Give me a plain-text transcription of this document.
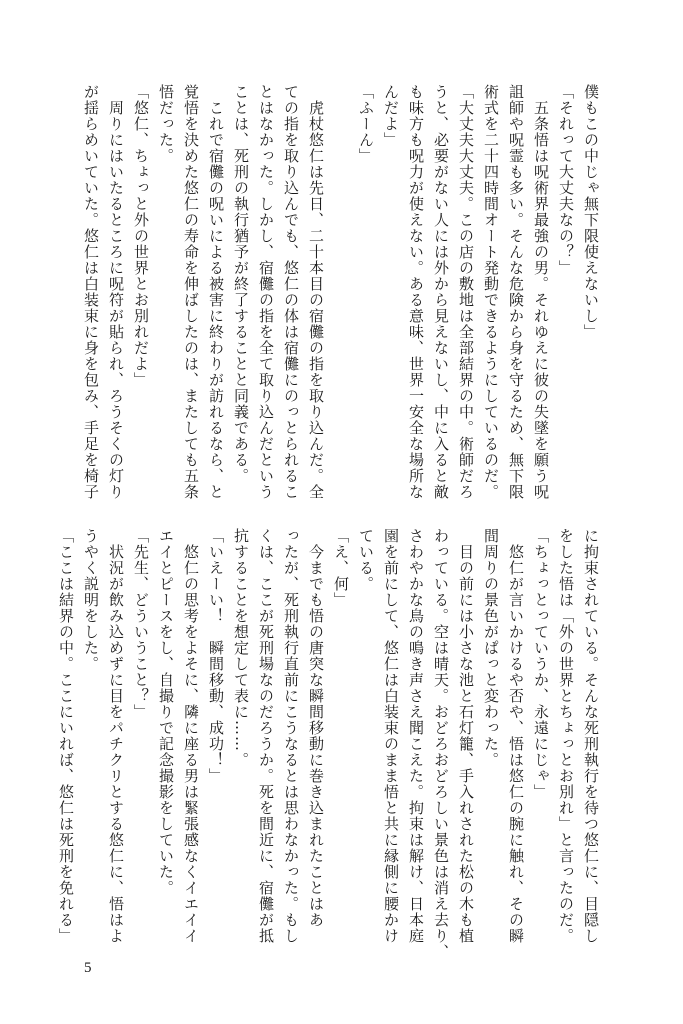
僕もこの中じゃ無下限使えないし」

「それって大丈夫なの？」

　五条悟は呪術界最強の男。それゆえに彼の失墜を願う呪

詛師や呪霊も多い。そんな危険から身を守るため、無下限

術式を二十四時間オート発動できるようにしているのだ。

「大丈夫大丈夫。この店の敷地は全部結界の中。術師だろ

うと、必要がない人には外から見えないし、中に入ると敵

も味方も呪力が使えない。ある意味、世界一安全な場所な

んだよ」

「ふーん」

　虎杖悠仁は先日、二十本目の宿儺の指を取り込んだ。全

ての指を取り込んでも、悠仁の体は宿儺にのっとられるこ

とはなかった。しかし、宿儺の指を全て取り込んだという

ことは、死刑の執行猶予が終了することと同義である。

　これで宿儺の呪いによる被害に終わりが訪れるなら、と

覚悟を決めた悠仁の寿命を伸ばしたのは、またしても五条

悟だった。

「悠仁、ちょっと外の世界とお別れだよ」

　周りにはいたるところに呪符が貼られ、ろうそくの灯り

が揺らめいていた。悠仁は白装束に身を包み、手足を椅子

に拘束されている。そんな死刑執行を待つ悠仁に、目隠し

をした悟は「外の世界とちょっとお別れ」と言ったのだ。

「ちょっとっていうか、永遠にじゃ」

　悠仁が言いかけるや否や、悟は悠仁の腕に触れ、その瞬

間周りの景色がぱっと変わった。

　目の前には小さな池と石灯籠、手入れされた松の木も植

わっている。空は晴天。おどろおどろしい景色は消え去り、

さわやかな鳥の鳴き声さえ聞こえた。拘束は解け、日本庭

園を前にして、悠仁は白装束のまま悟と共に縁側に腰かけ

ている。

「え、何」

　今までも悟の唐突な瞬間移動に巻き込まれたことはあ

ったが、死刑執行直前にこうなるとは思わなかった。もし

くは、ここが死刑場なのだろうか。死を間近に、宿儺が抵

抗することを想定して表に……。

「いえーい！　瞬間移動、成功！」

　悠仁の思考をよそに、隣に座る男は緊張感なくイエイイ

エイとピースをし、自撮りで記念撮影をしていた。

「先生、どういうこと？」

　状況が飲み込めずに目をパチクリとする悠仁に、悟はよ

うやく説明をした。

「ここは結界の中。ここにいれば、悠仁は死刑を免れる」

5
